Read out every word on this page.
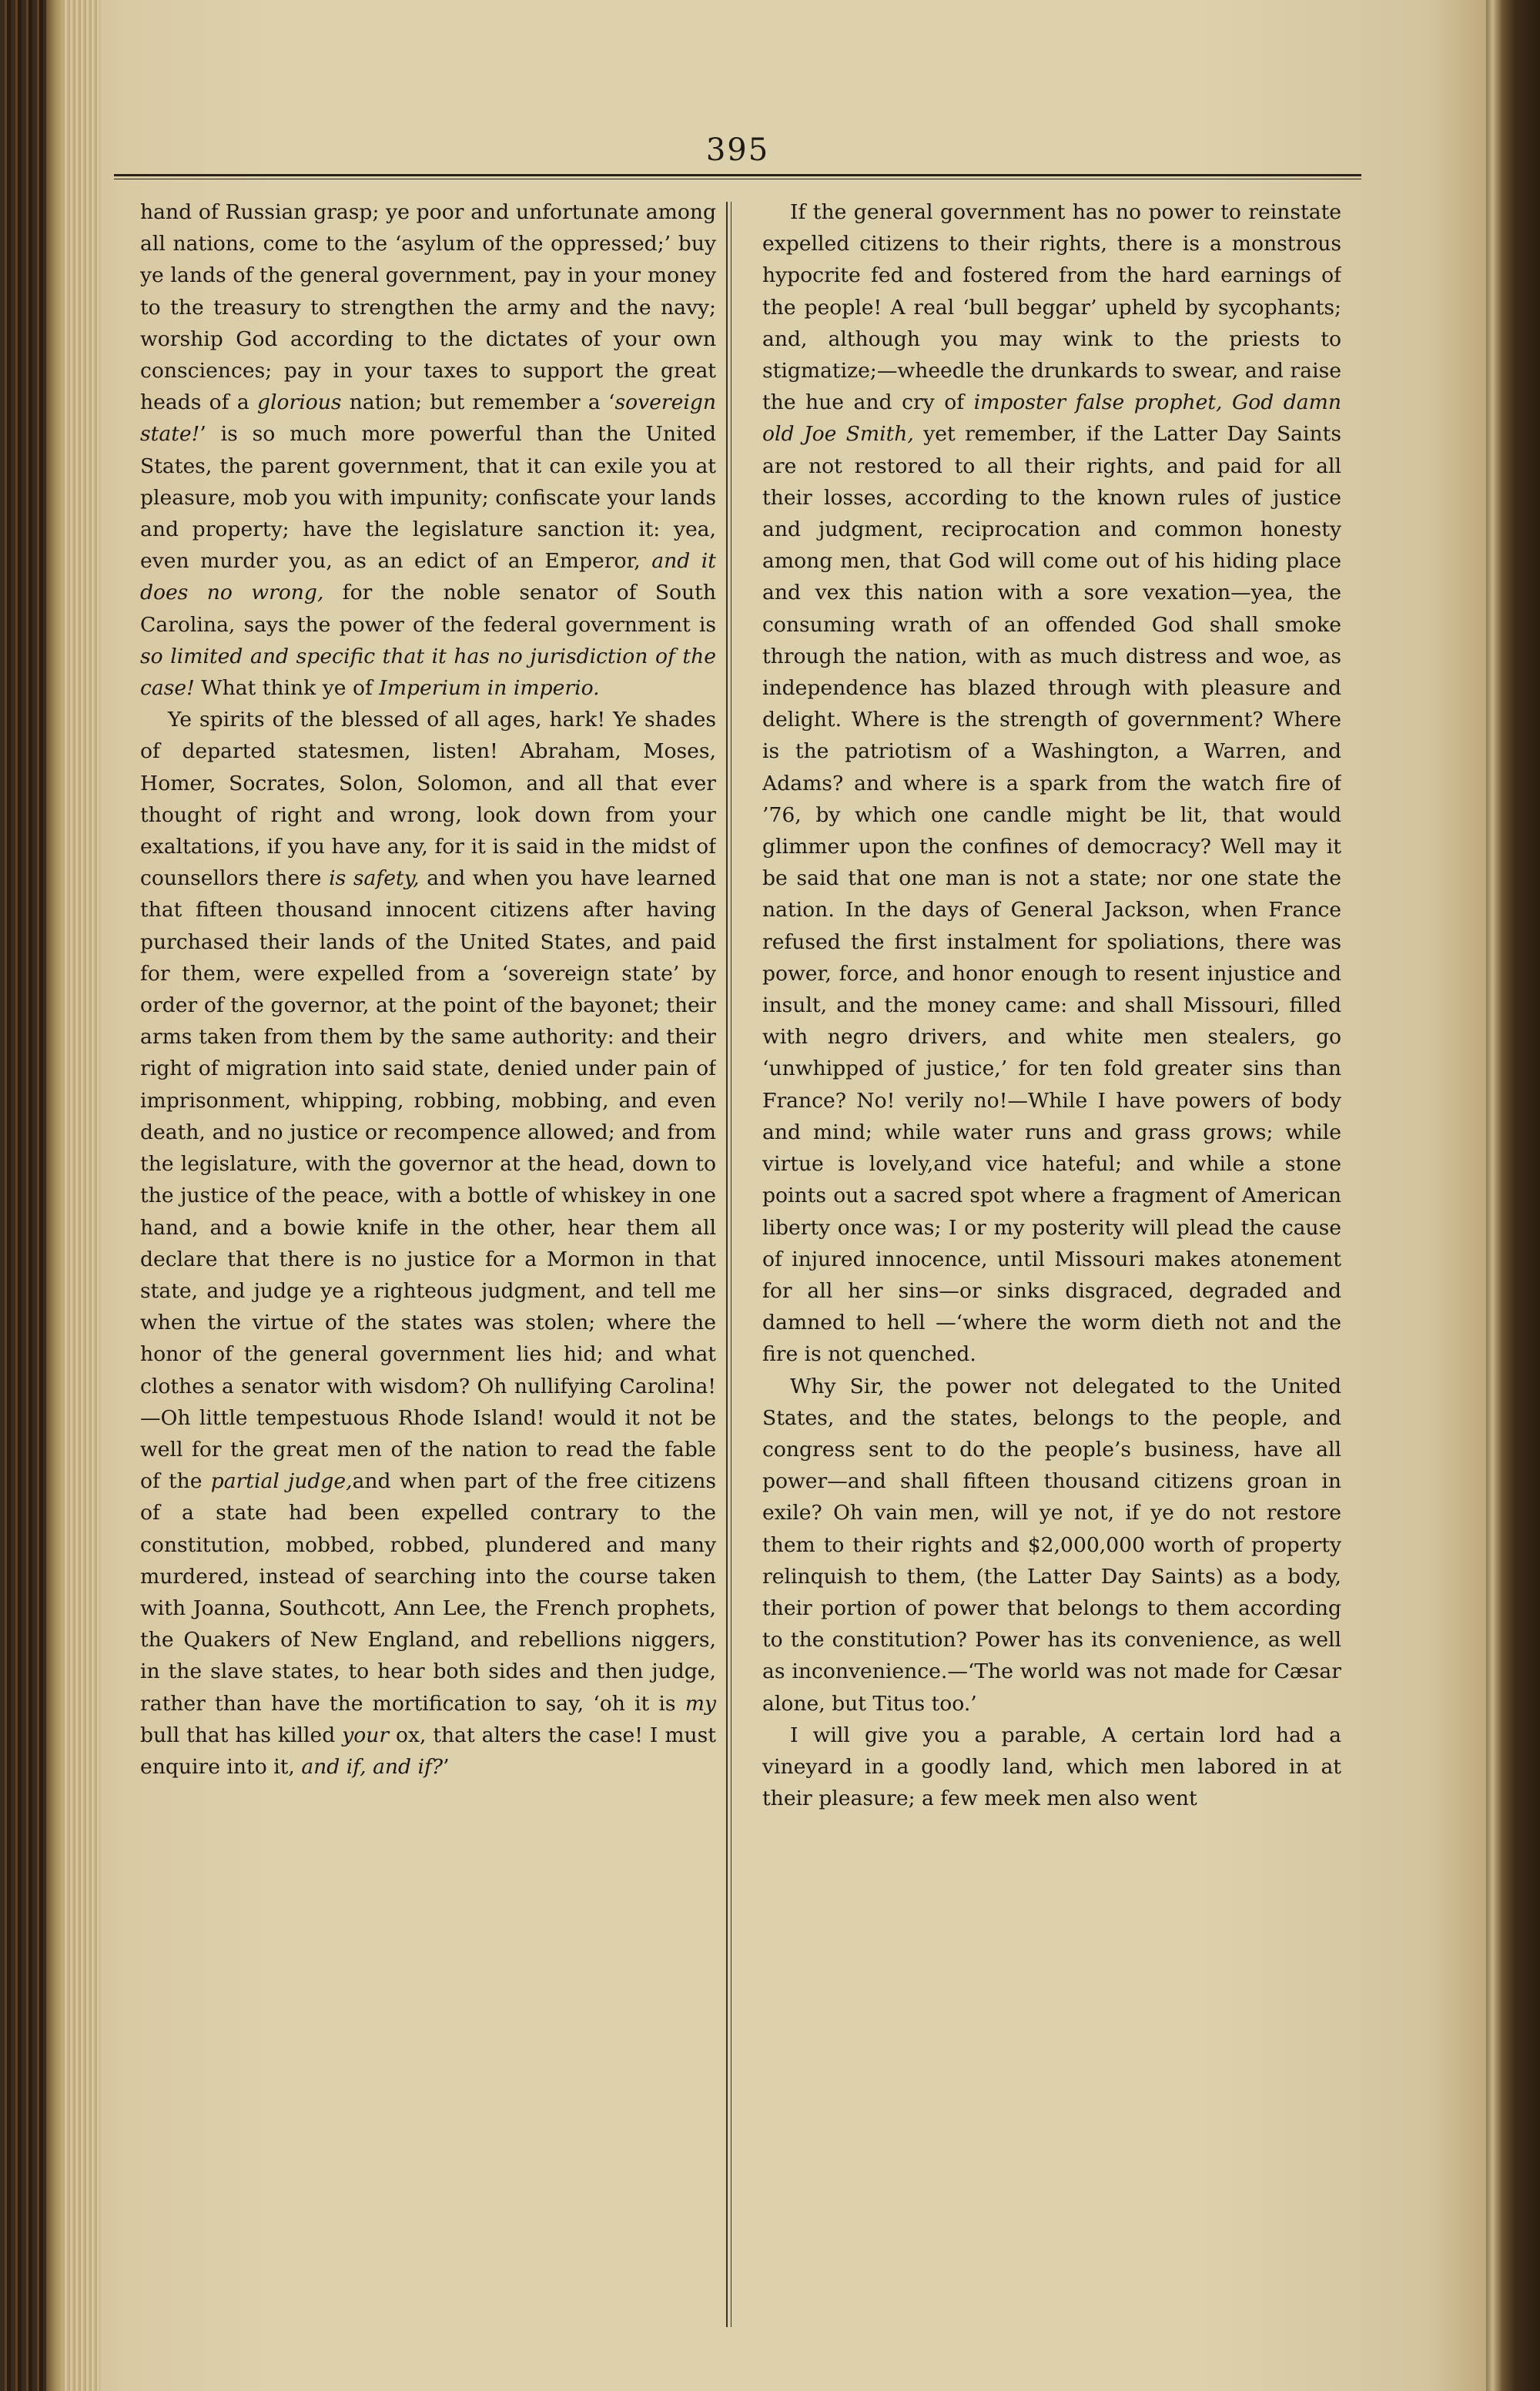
395

hand of Russian grasp; ye poor and unfortunate among all nations, come to the ‘asylum of the oppressed;’ buy ye lands of the general government, pay in your money to the treasury to strengthen the army and the navy; worship God according to the dictates of your own consciences; pay in your taxes to support the great heads of a glorious nation; but remember a ‘sovereign state!’ is so much more powerful than the United States, the parent government, that it can exile you at pleasure, mob you with impunity; confiscate your lands and property; have the legislature sanction it: yea, even murder you, as an edict of an Emperor, and it does no wrong, for the noble senator of South Carolina, says the power of the federal government is so limited and specific that it has no jurisdiction of the case! What think ye of Imperium in imperio.

Ye spirits of the blessed of all ages, hark! Ye shades of departed statesmen, listen! Abraham, Moses, Homer, Socrates, Solon, Solomon, and all that ever thought of right and wrong, look down from your exaltations, if you have any, for it is said in the midst of counsellors there is safety, and when you have learned that fifteen thousand innocent citizens after having purchased their lands of the United States, and paid for them, were expelled from a ‘sovereign state’ by order of the governor, at the point of the bayonet; their arms taken from them by the same authority: and their right of migration into said state, denied under pain of imprisonment, whipping, robbing, mobbing, and even death, and no justice or recompence allowed; and from the legislature, with the governor at the head, down to the justice of the peace, with a bottle of whiskey in one hand, and a bowie knife in the other, hear them all declare that there is no justice for a Mormon in that state, and judge ye a righteous judgment, and tell me when the virtue of the states was stolen; where the honor of the general government lies hid; and what clothes a senator with wisdom? Oh nullifying Carolina!—Oh little tempestuous Rhode Island! would it not be well for the great men of the nation to read the fable of the partial judge,and when part of the free citizens of a state had been expelled contrary to the constitution, mobbed, robbed, plundered and many murdered, instead of searching into the course taken with Joanna, Southcott, Ann Lee, the French prophets, the Quakers of New England, and rebellions niggers, in the slave states, to hear both sides and then judge, rather than have the mortification to say, ‘oh it is my bull that has killed your ox, that alters the case! I must enquire into it, and if, and if?’

If the general government has no power to reinstate expelled citizens to their rights, there is a monstrous hypocrite fed and fostered from the hard earnings of the people! A real ‘bull beggar’ upheld by sycophants; and, although you may wink to the priests to stigmatize;—wheedle the drunkards to swear, and raise the hue and cry of imposter false prophet, God damn old Joe Smith, yet remember, if the Latter Day Saints are not restored to all their rights, and paid for all their losses, according to the known rules of justice and judgment, reciprocation and common honesty among men, that God will come out of his hiding place and vex this nation with a sore vexation—yea, the consuming wrath of an offended God shall smoke through the nation, with as much distress and woe, as independence has blazed through with pleasure and delight. Where is the strength of government? Where is the patriotism of a Washington, a Warren, and Adams? and where is a spark from the watch fire of ’76, by which one candle might be lit, that would glimmer upon the confines of democracy? Well may it be said that one man is not a state; nor one state the nation. In the days of General Jackson, when France refused the first instalment for spoliations, there was power, force, and honor enough to resent injustice and insult, and the money came: and shall Missouri, filled with negro drivers, and white men stealers, go ‘unwhipped of justice,’ for ten fold greater sins than France? No! verily no!—While I have powers of body and mind; while water runs and grass grows; while virtue is lovely,and vice hateful; and while a stone points out a sacred spot where a fragment of American liberty once was; I or my posterity will plead the cause of injured innocence, until Missouri makes atonement for all her sins—or sinks disgraced, degraded and damned to hell —‘where the worm dieth not and the fire is not quenched.

Why Sir, the power not delegated to the United States, and the states, belongs to the people, and congress sent to do the people’s business, have all power—and shall fifteen thousand citizens groan in exile? Oh vain men, will ye not, if ye do not restore them to their rights and $2,000,000 worth of property relinquish to them, (the Latter Day Saints) as a body, their portion of power that belongs to them according to the constitution? Power has its convenience, as well as inconvenience.—‘The world was not made for Cæsar alone, but Titus too.’

I will give you a parable, A certain lord had a vineyard in a goodly land, which men labored in at their pleasure; a few meek men also went
